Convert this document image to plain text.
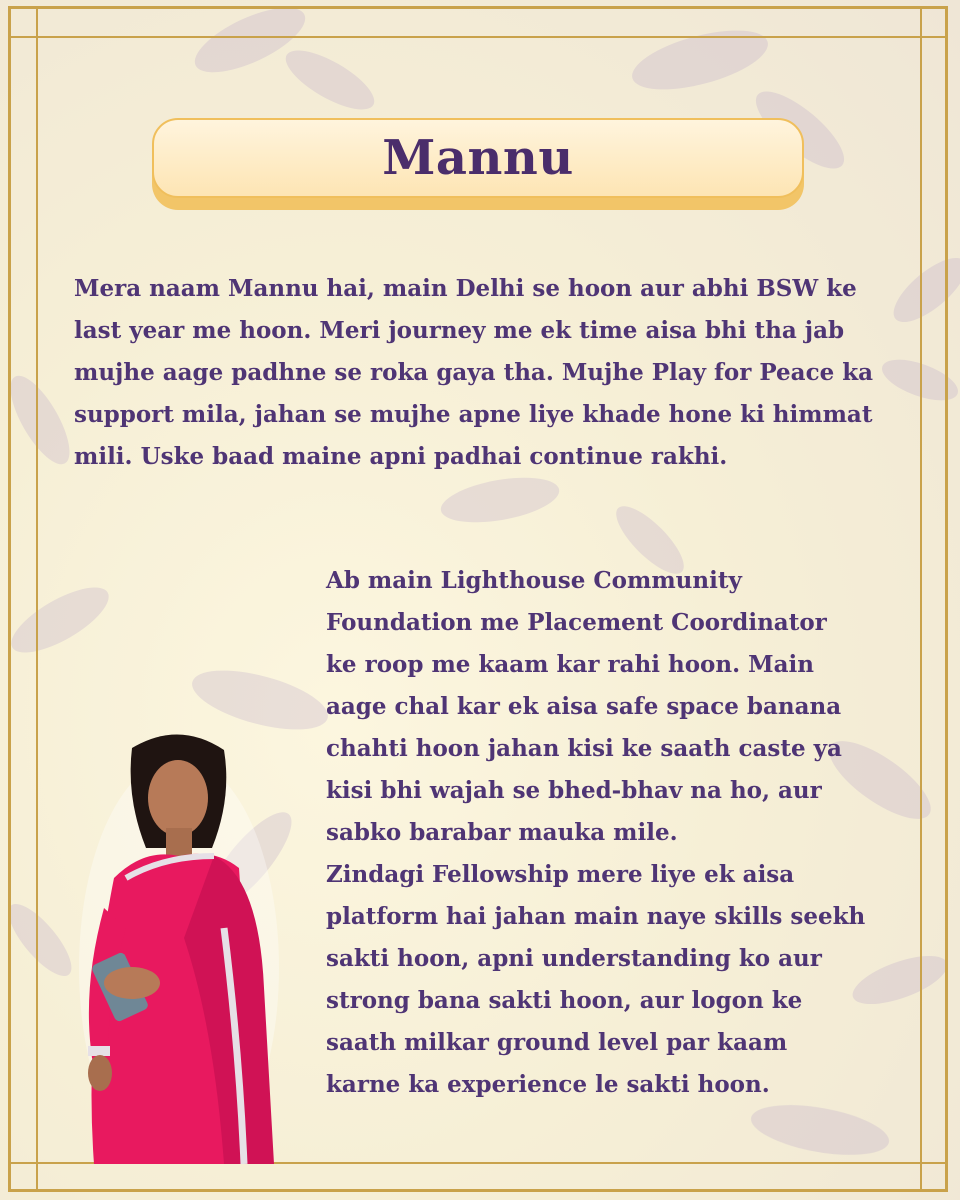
Mannu

Mera naam Mannu hai, main Delhi se hoon aur abhi BSW ke last year me hoon. Meri journey me ek time aisa bhi tha jab mujhe aage padhne se roka gaya tha. Mujhe Play for Peace ka support mila, jahan se mujhe apne liye khade hone ki himmat mili. Uske baad maine apni padhai continue rakhi.

Ab main Lighthouse Community
Foundation me Placement Coordinator
ke roop me kaam kar rahi hoon. Main
aage chal kar ek aisa safe space banana
chahti hoon jahan kisi ke saath caste ya
kisi bhi wajah se bhed-bhav na ho, aur
sabko barabar mauka mile.
Zindagi Fellowship mere liye ek aisa
platform hai jahan main naye skills seekh
sakti hoon, apni understanding ko aur
strong bana sakti hoon, aur logon ke
saath milkar ground level par kaam
karne ka experience le sakti hoon.
